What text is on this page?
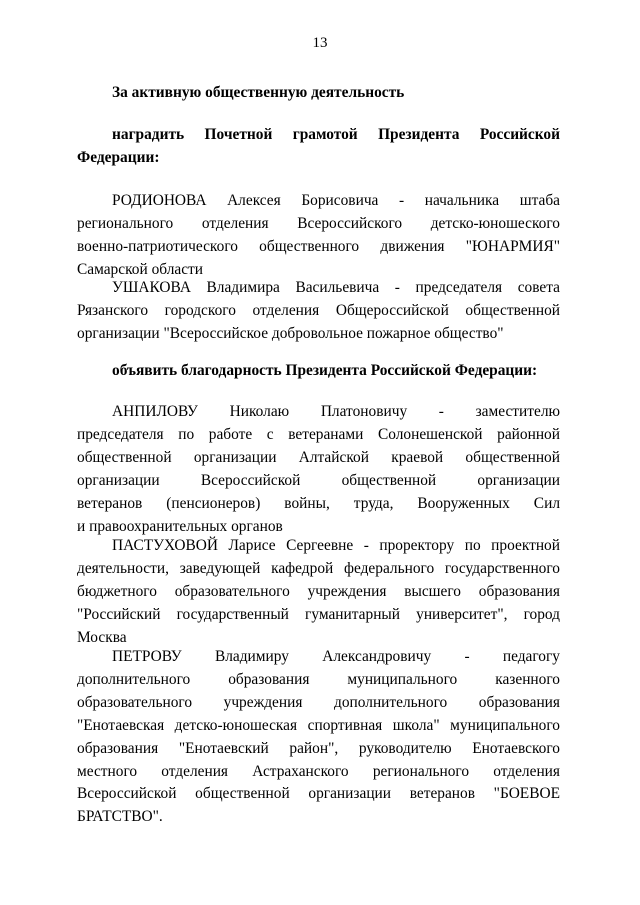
13
За активную общественную деятельность
наградить Почетной грамотой Президента Российской
Федерации:
РОДИОНОВА Алексея Борисовича - начальника штаба
регионального отделения Всероссийского детско-юношеского
военно-патриотического общественного движения "ЮНАРМИЯ"
Самарской области
УШАКОВА Владимира Васильевича - председателя совета
Рязанского городского отделения Общероссийской общественной
организации "Всероссийское добровольное пожарное общество"
объявить благодарность Президента Российской Федерации:
АНПИЛОВУ Николаю Платоновичу - заместителю
председателя по работе с ветеранами Солонешенской районной
общественной организации Алтайской краевой общественной
организации Всероссийской общественной организации
ветеранов (пенсионеров) войны, труда, Вооруженных Сил
и правоохранительных органов
ПАСТУХОВОЙ Ларисе Сергеевне - проректору по проектной
деятельности, заведующей кафедрой федерального государственного
бюджетного образовательного учреждения высшего образования
"Российский государственный гуманитарный университет", город
Москва
ПЕТРОВУ Владимиру Александровичу - педагогу
дополнительного образования муниципального казенного
образовательного учреждения дополнительного образования
"Енотаевская детско-юношеская спортивная школа" муниципального
образования "Енотаевский район", руководителю Енотаевского
местного отделения Астраханского регионального отделения
Всероссийской общественной организации ветеранов "БОЕВОЕ
БРАТСТВО".
